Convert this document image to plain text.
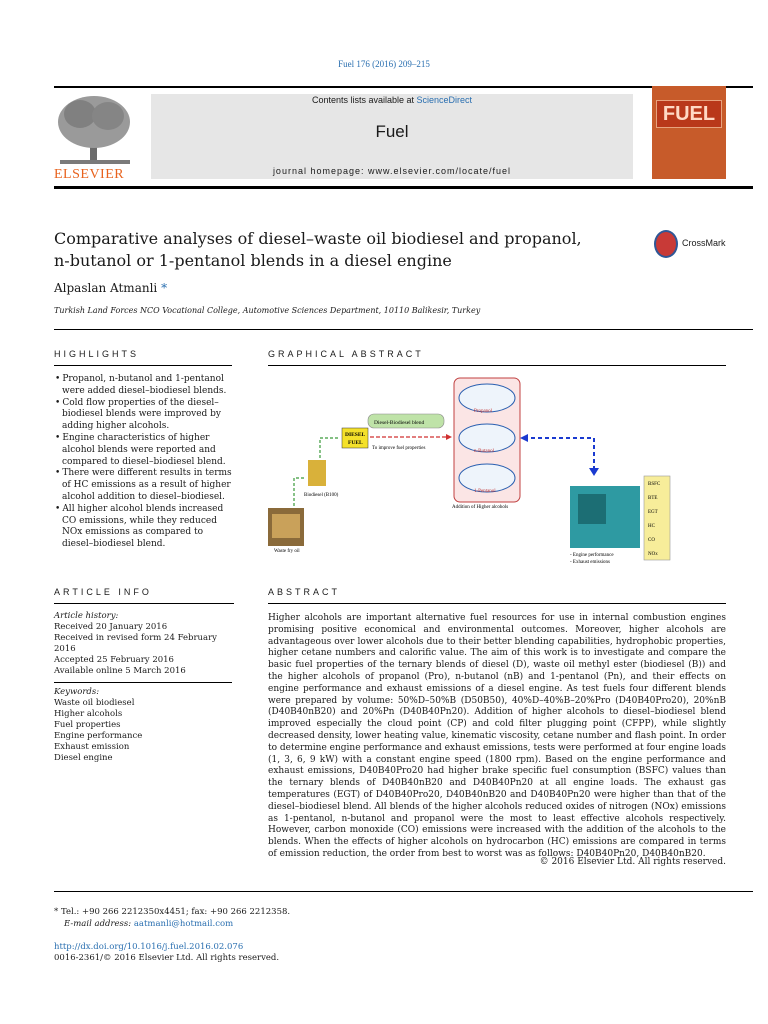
Fuel 176 (2016) 209–215
ELSEVIER
Contents lists available at ScienceDirect
Fuel
journal homepage: www.elsevier.com/locate/fuel
FUEL
Comparative analyses of diesel–waste oil biodiesel and propanol,
n-butanol or 1-pentanol blends in a diesel engine
CrossMark
Alpaslan Atmanli *
Turkish Land Forces NCO Vocational College, Automotive Sciences Department, 10110 Balikesir, Turkey
HIGHLIGHTS	GRAPHICAL ABSTRACT
• Propanol, n-butanol and 1-pentanol were added diesel–biodiesel blends.
• Cold flow properties of the diesel–biodiesel blends were improved by adding higher alcohols.
• Engine characteristics of higher alcohol blends were reported and compared to diesel–biodiesel blend.
• There were different results in terms of HC emissions as a result of higher alcohol addition to diesel–biodiesel.
• All higher alcohol blends increased CO emissions, while they reduced NOx emissions as compared to diesel–biodiesel blend.
Waste fry oil
Biodiesel (B100)
DIESEL
FUEL
Diesel-Biodiesel blend
To improve fuel properties
Propanol
n-Butanol
1-Pentanol
Addition of Higher alcohols
- Engine performance
- Exhaust emissions
BSFC
BTE
EGT
HC
CO
NOx
ARTICLE INFO	ABSTRACT
Article history:
Received 20 January 2016
Received in revised form 24 February 2016
Accepted 25 February 2016
Available online 5 March 2016
Keywords:
Waste oil biodiesel
Higher alcohols
Fuel properties
Engine performance
Exhaust emission
Diesel engine
Higher alcohols are important alternative fuel resources for use in internal combustion engines promising positive economical and environmental outcomes. Moreover, higher alcohols are advantageous over lower alcohols due to their better blending capabilities, hydrophobic properties, higher cetane numbers and calorific value. The aim of this work is to investigate and compare the basic fuel properties of the ternary blends of diesel (D), waste oil methyl ester (biodiesel (B)) and the higher alcohols of propanol (Pro), n-butanol (nB) and 1-pentanol (Pn), and their effects on engine performance and exhaust emissions of a diesel engine. As test fuels four different blends were prepared by volume: 50%D–50%B (D50B50), 40%D–40%B–20%Pro (D40B40Pro20), 20%nB (D40B40nB20) and 20%Pn (D40B40Pn20). Addition of higher alcohols to diesel–biodiesel blend improved especially the cloud point (CP) and cold filter plugging point (CFPP), while slightly decreased density, lower heating value, kinematic viscosity, cetane number and flash point. In order to determine engine performance and exhaust emissions, tests were performed at four engine loads (1, 3, 6, 9 kW) with a constant engine speed (1800 rpm). Based on the engine performance and exhaust emissions, D40B40Pro20 had higher brake specific fuel consumption (BSFC) values than the ternary blends of D40B40nB20 and D40B40Pn20 at all engine loads. The exhaust gas temperatures (EGT) of D40B40Pro20, D40B40nB20 and D40B40Pn20 were higher than that of the diesel–biodiesel blend. All blends of the higher alcohols reduced oxides of nitrogen (NOx) emissions as 1-pentanol, n-butanol and propanol were the most to least effective alcohols respectively. However, carbon monoxide (CO) emissions were increased with the addition of the alcohols to the blends. When the effects of higher alcohols on hydrocarbon (HC) emissions are compared in terms of emission reduction, the order from best to worst was as follows: D40B40Pn20, D40B40nB20.
© 2016 Elsevier Ltd. All rights reserved.
* Tel.: +90 266 2212350x4451; fax: +90 266 2212358.
E-mail address: aatmanli@hotmail.com
http://dx.doi.org/10.1016/j.fuel.2016.02.076
0016-2361/© 2016 Elsevier Ltd. All rights reserved.
